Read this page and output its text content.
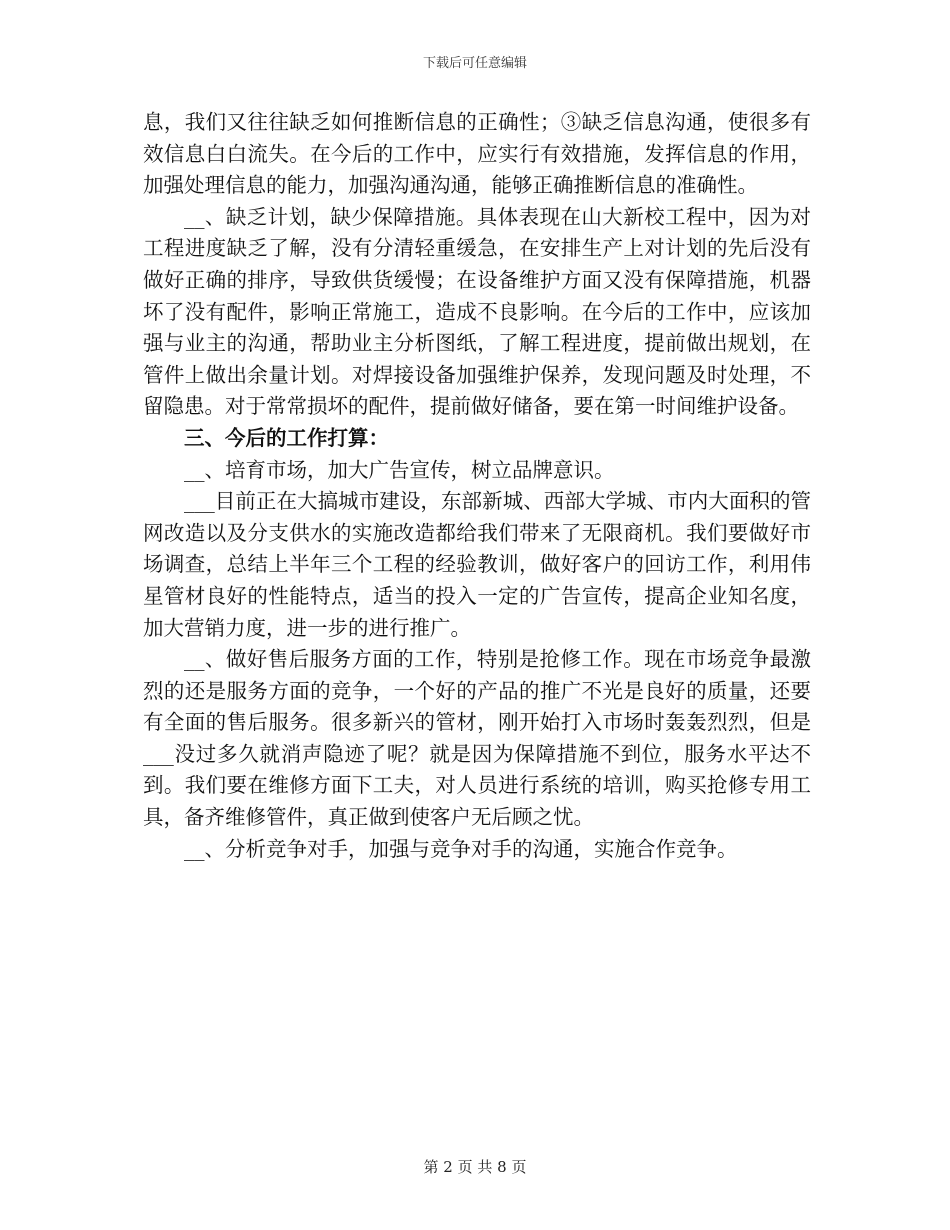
下载后可任意编辑

息，我们又往往缺乏如何推断信息的正确性；③缺乏信息沟通，使很多有效信息白白流失。在今后的工作中，应实行有效措施，发挥信息的作用，加强处理信息的能力，加强沟通沟通，能够正确推断信息的准确性。

__、缺乏计划，缺少保障措施。具体表现在山大新校工程中，因为对工程进度缺乏了解，没有分清轻重缓急，在安排生产上对计划的先后没有做好正确的排序，导致供货缓慢；在设备维护方面又没有保障措施，机器坏了没有配件，影响正常施工，造成不良影响。在今后的工作中，应该加强与业主的沟通，帮助业主分析图纸，了解工程进度，提前做出规划，在管件上做出余量计划。对焊接设备加强维护保养，发现问题及时处理，不留隐患。对于常常损坏的配件，提前做好储备，要在第一时间维护设备。

三、今后的工作打算：

__、培育市场，加大广告宣传，树立品牌意识。

___目前正在大搞城市建设，东部新城、西部大学城、市内大面积的管网改造以及分支供水的实施改造都给我们带来了无限商机。我们要做好市场调查，总结上半年三个工程的经验教训，做好客户的回访工作，利用伟星管材良好的性能特点，适当的投入一定的广告宣传，提高企业知名度，加大营销力度，进一步的进行推广。

__、做好售后服务方面的工作，特别是抢修工作。现在市场竞争最激烈的还是服务方面的竞争，一个好的产品的推广不光是良好的质量，还要有全面的售后服务。很多新兴的管材，刚开始打入市场时轰轰烈烈，但是___没过多久就消声隐迹了呢？就是因为保障措施不到位，服务水平达不到。我们要在维修方面下工夫，对人员进行系统的培训，购买抢修专用工具，备齐维修管件，真正做到使客户无后顾之忧。

__、分析竞争对手，加强与竞争对手的沟通，实施合作竞争。

第 2 页 共 8 页
